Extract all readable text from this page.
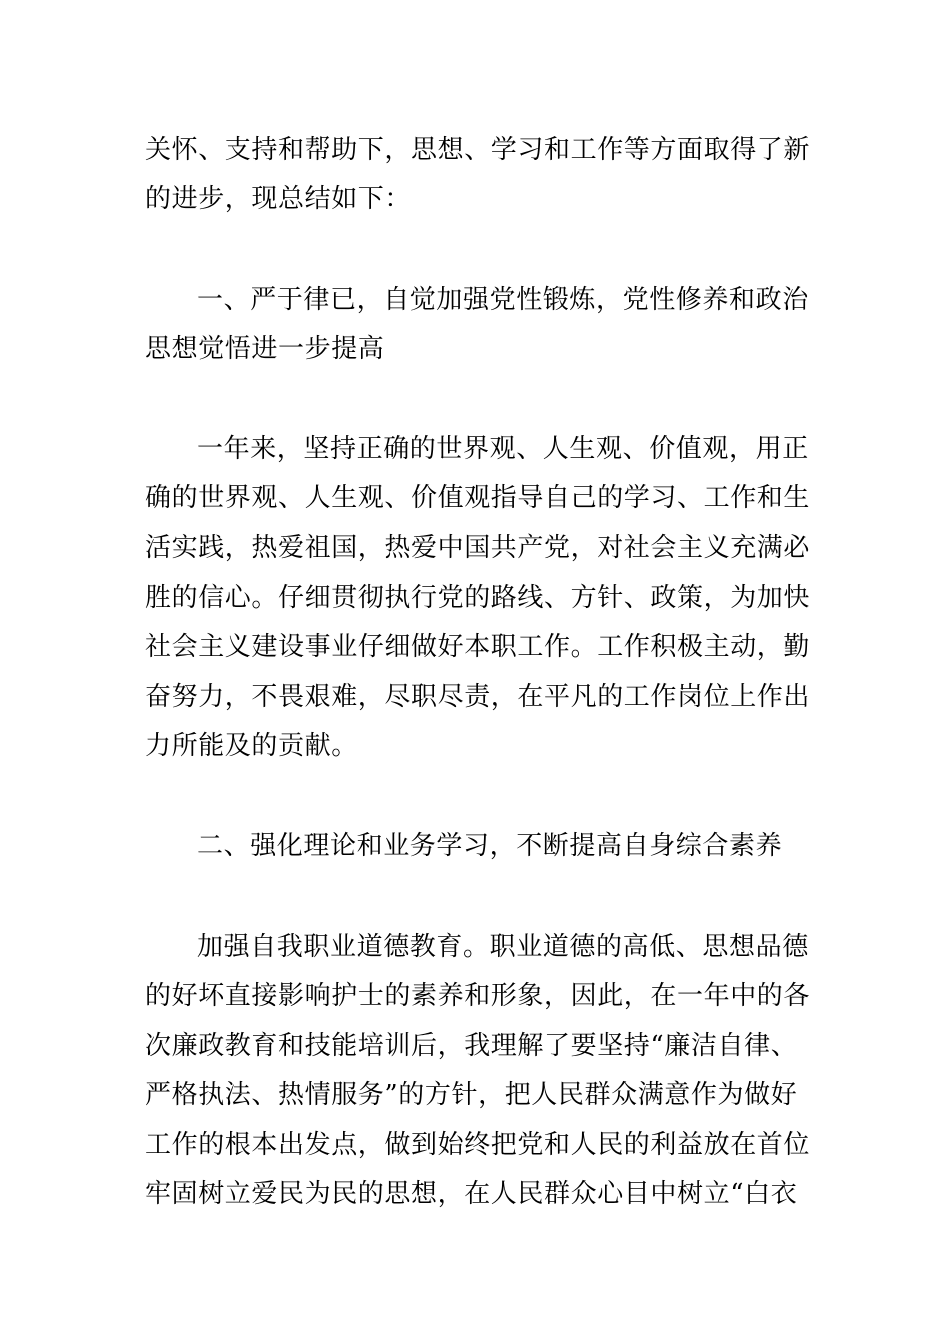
关怀、支持和帮助下，思想、学习和工作等方面取得了新
的进步，现总结如下：
一、严于律已，自觉加强党性锻炼，党性修养和政治
思想觉悟进一步提高
一年来，坚持正确的世界观、人生观、价值观，用正
确的世界观、人生观、价值观指导自己的学习、工作和生
活实践，热爱祖国，热爱中国共产党，对社会主义充满必
胜的信心。仔细贯彻执行党的路线、方针、政策，为加快
社会主义建设事业仔细做好本职工作。工作积极主动，勤
奋努力，不畏艰难，尽职尽责，在平凡的工作岗位上作出
力所能及的贡献。
二、强化理论和业务学习，不断提高自身综合素养
加强自我职业道德教育。职业道德的高低、思想品德
的好坏直接影响护士的素养和形象，因此，在一年中的各
次廉政教育和技能培训后，我理解了要坚持“廉洁自律、
严格执法、热情服务”的方针，把人民群众满意作为做好
工作的根本出发点，做到始终把党和人民的利益放在首位
牢固树立爱民为民的思想，在人民群众心目中树立“白衣
